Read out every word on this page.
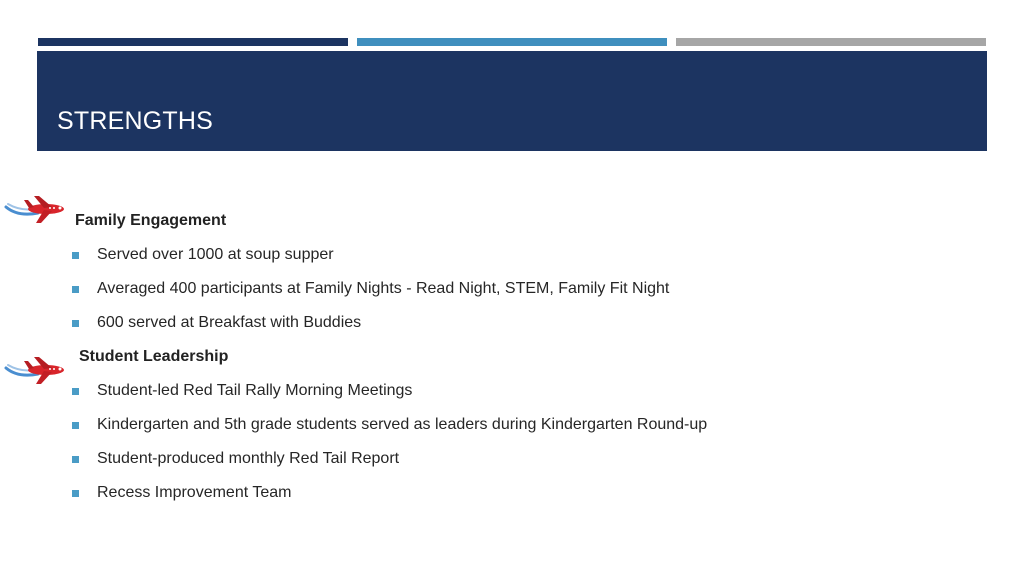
STRENGTHS
Family Engagement
Served over 1000 at soup supper
Averaged 400 participants at Family Nights - Read Night, STEM, Family Fit Night
600 served at Breakfast with Buddies
Student Leadership
Student-led Red Tail Rally Morning Meetings
Kindergarten and 5th grade students served as leaders during Kindergarten Round-up
Student-produced monthly Red Tail Report
Recess Improvement Team
